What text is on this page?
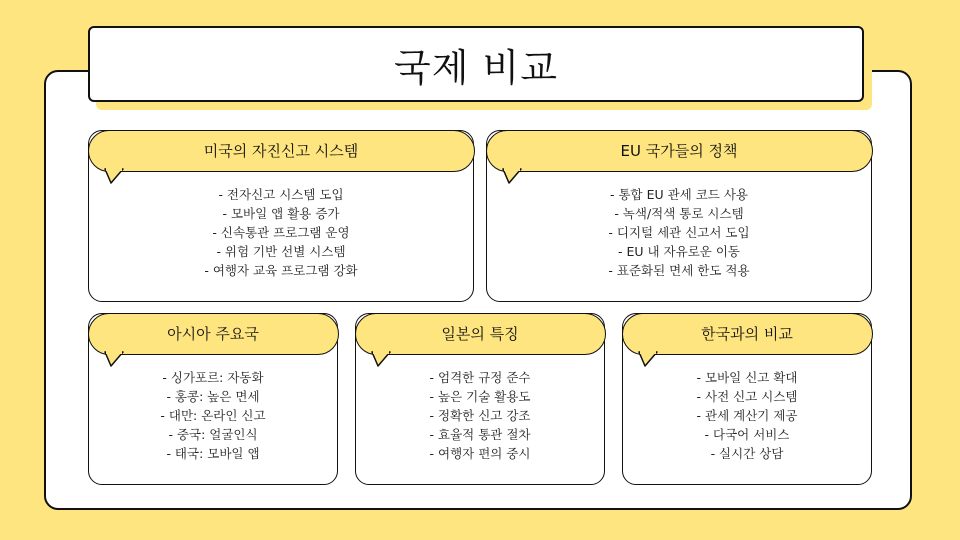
국제 비교
미국의 자진신고 시스템
- 전자신고 시스템 도입
- 모바일 앱 활용 증가
- 신속통관 프로그램 운영
- 위험 기반 선별 시스템
- 여행자 교육 프로그램 강화
EU 국가들의 정책
- 통합 EU 관세 코드 사용
- 녹색/적색 통로 시스템
- 디지털 세관 신고서 도입
- EU 내 자유로운 이동
- 표준화된 면세 한도 적용
아시아 주요국
- 싱가포르: 자동화
- 홍콩: 높은 면세
- 대만: 온라인 신고
- 중국: 얼굴인식
- 태국: 모바일 앱
일본의 특징
- 엄격한 규정 준수
- 높은 기술 활용도
- 정확한 신고 강조
- 효율적 통관 절차
- 여행자 편의 중시
한국과의 비교
- 모바일 신고 확대
- 사전 신고 시스템
- 관세 계산기 제공
- 다국어 서비스
- 실시간 상담
